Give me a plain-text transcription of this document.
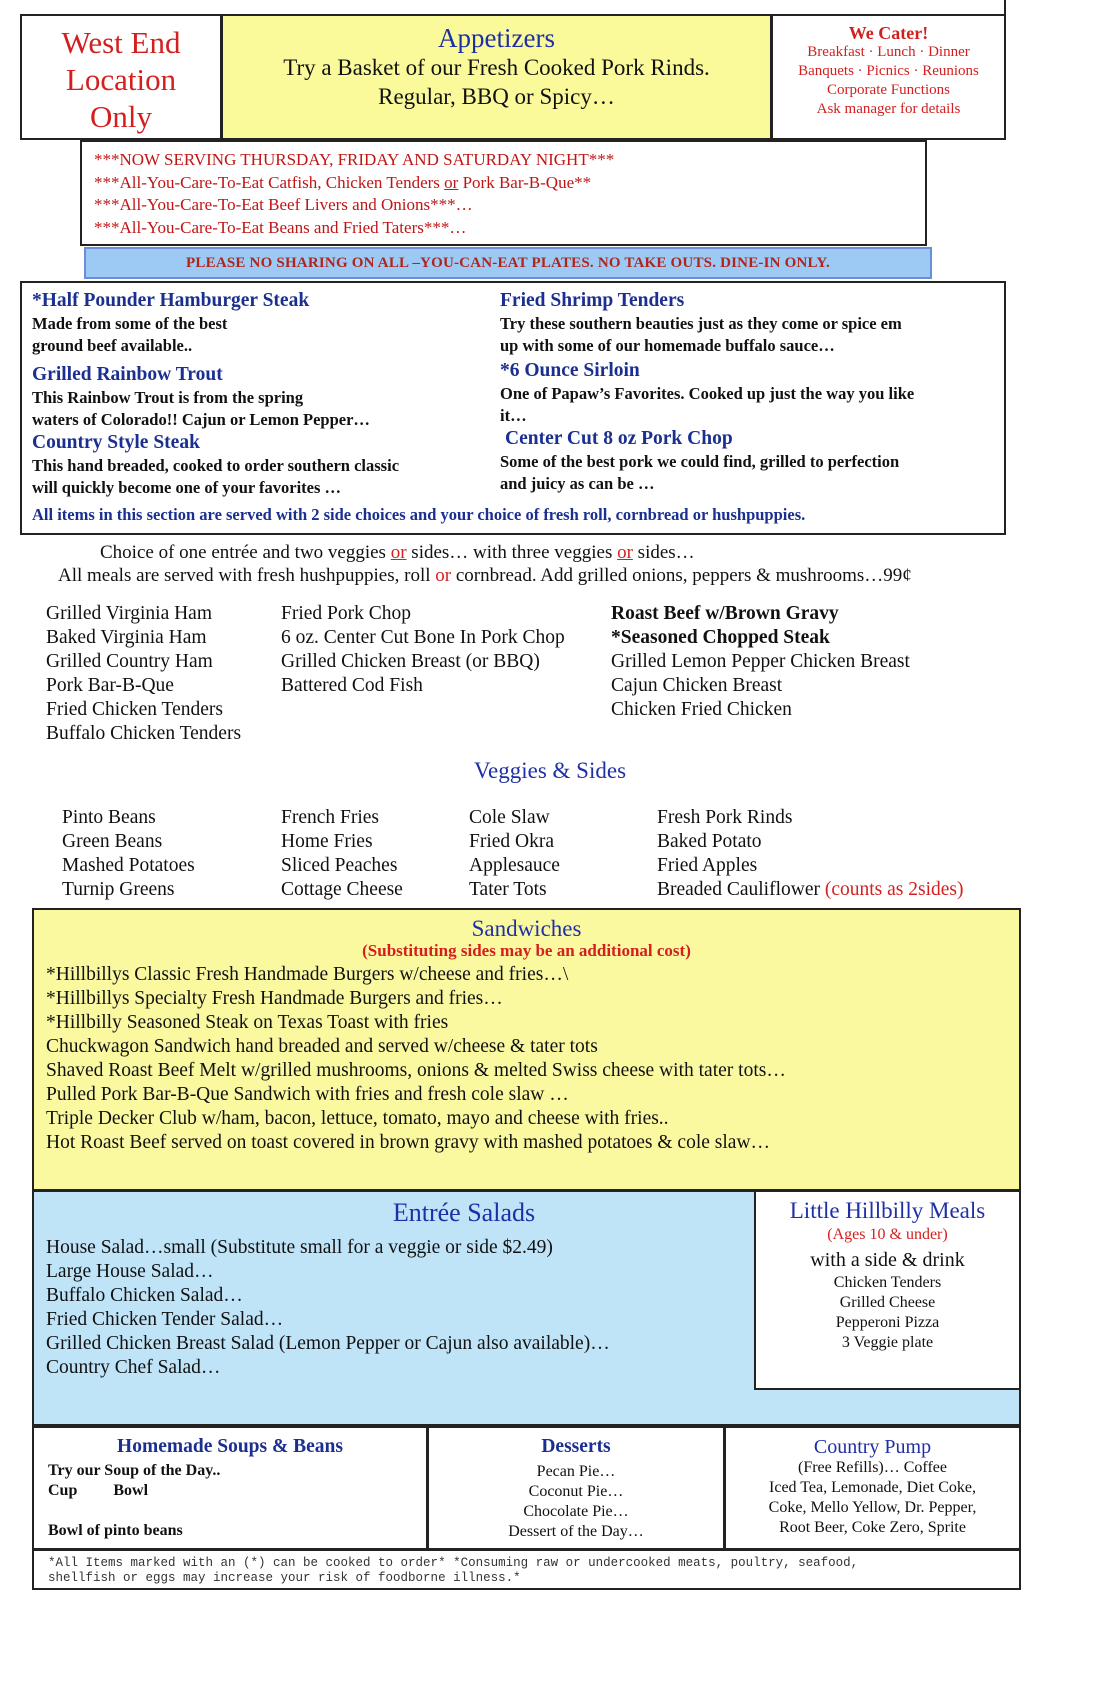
West End
Location
Only
Appetizers
Try a Basket of our Fresh Cooked Pork Rinds.
Regular, BBQ or Spicy…
We Cater!
Breakfast · Lunch · Dinner
Banquets · Picnics · Reunions
Corporate Functions
Ask manager for details
***NOW SERVING THURSDAY, FRIDAY AND SATURDAY NIGHT***
***All-You-Care-To-Eat Catfish, Chicken Tenders or Pork Bar-B-Que**
***All-You-Care-To-Eat Beef Livers and Onions***…
***All-You-Care-To-Eat Beans and Fried Taters***…
PLEASE NO SHARING ON ALL –YOU-CAN-EAT PLATES. NO TAKE OUTS. DINE-IN ONLY.
*Half Pounder Hamburger Steak
Made from some of the best
ground beef available..
Grilled Rainbow Trout
This Rainbow Trout is from the spring
waters of Colorado!! Cajun or Lemon Pepper…
Country Style Steak
This hand breaded, cooked to order southern classic
will quickly become one of your favorites …
Fried Shrimp Tenders
Try these southern beauties just as they come or spice em
up with some of our homemade buffalo sauce…
*6 Ounce Sirloin
One of Papaw’s Favorites. Cooked up just the way you like
it…
Center Cut 8 oz Pork Chop
Some of the best pork we could find, grilled to perfection
and juicy as can be …
All items in this section are served with 2 side choices and your choice of fresh roll, cornbread or hushpuppies.
Choice of one entrée and two veggies or sides… with three veggies or sides…
All meals are served with fresh hushpuppies, roll or cornbread. Add grilled onions, peppers & mushrooms…99¢
Grilled Virginia Ham
Baked Virginia Ham
Grilled Country Ham
Pork Bar-B-Que
Fried Chicken Tenders
Buffalo Chicken Tenders
Fried Pork Chop
6 oz. Center Cut Bone In Pork Chop
Grilled Chicken Breast (or BBQ)
Battered Cod Fish
Roast Beef w/Brown Gravy
*Seasoned Chopped Steak
Grilled Lemon Pepper Chicken Breast
Cajun Chicken Breast
Chicken Fried Chicken
Veggies & Sides
Pinto Beans
Green Beans
Mashed Potatoes
Turnip Greens
French Fries
Home Fries
Sliced Peaches
Cottage Cheese
Cole Slaw
Fried Okra
Applesauce
Tater Tots
Fresh Pork Rinds
Baked Potato
Fried Apples
Breaded Cauliflower (counts as 2sides)
Sandwiches
(Substituting sides may be an additional cost)
*Hillbillys Classic Fresh Handmade Burgers w/cheese and fries…\
*Hillbillys Specialty Fresh Handmade Burgers and fries…
*Hillbilly Seasoned Steak on Texas Toast with fries
Chuckwagon Sandwich hand breaded and served w/cheese & tater tots
Shaved Roast Beef Melt w/grilled mushrooms, onions & melted Swiss cheese with tater tots…
Pulled Pork Bar-B-Que Sandwich with fries and fresh cole slaw …
Triple Decker Club w/ham, bacon, lettuce, tomato, mayo and cheese with fries..
Hot Roast Beef served on toast covered in brown gravy with mashed potatoes & cole slaw…
Entrée Salads
House Salad…small (Substitute small for a veggie or side $2.49)
Large House Salad…
Buffalo Chicken Salad…
Fried Chicken Tender Salad…
Grilled Chicken Breast Salad (Lemon Pepper or Cajun also available)…
Country Chef Salad…
Little Hillbilly Meals
(Ages 10 & under)
with a side & drink
Chicken Tenders
Grilled Cheese
Pepperoni Pizza
3 Veggie plate
Homemade Soups & Beans
Try our Soup of the Day..
Cup Bowl
Bowl of pinto beans
Desserts
Pecan Pie…
Coconut Pie…
Chocolate Pie…
Dessert of the Day…
Country Pump
(Free Refills)… Coffee
Iced Tea, Lemonade, Diet Coke,
Coke, Mello Yellow, Dr. Pepper,
Root Beer, Coke Zero, Sprite
*All Items marked with an (*) can be cooked to order* *Consuming raw or undercooked meats, poultry, seafood,
shellfish or eggs may increase your risk of foodborne illness.*
